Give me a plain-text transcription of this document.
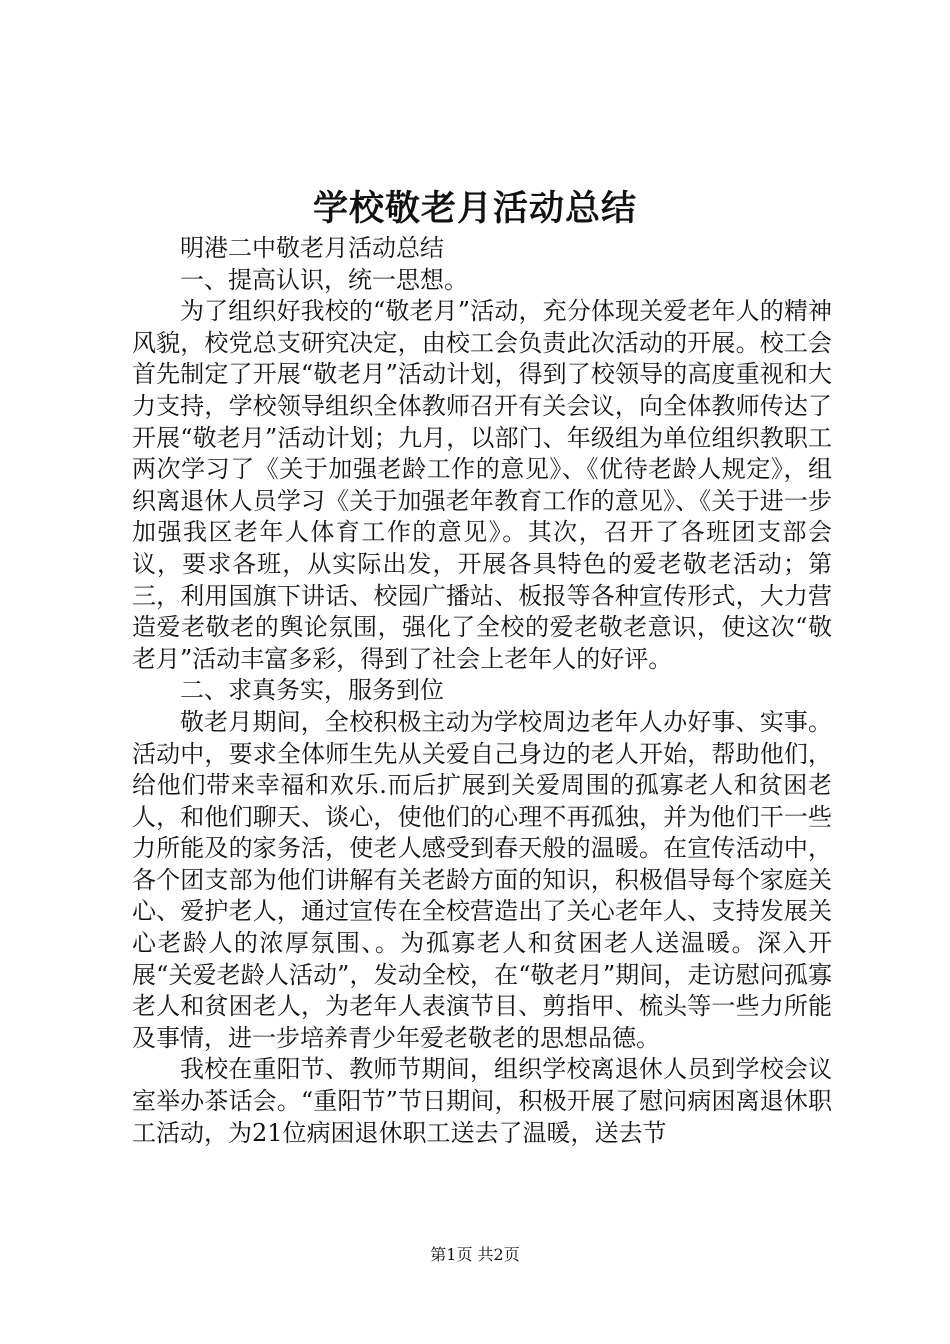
学校敬老月活动总结

明港二中敬老月活动总结

一、提高认识，统一思想。

为了组织好我校的“敬老月”活动，充分体现关爱老年人的精神风貌，校党总支研究决定，由校工会负责此次活动的开展。校工会首先制定了开展“敬老月”活动计划，得到了校领导的高度重视和大力支持，学校领导组织全体教师召开有关会议，向全体教师传达了开展“敬老月”活动计划；九月，以部门、年级组为单位组织教职工两次学习了《关于加强老龄工作的意见》、《优待老龄人规定》，组织离退休人员学习《关于加强老年教育工作的意见》、《关于进一步加强我区老年人体育工作的意见》。其次，召开了各班团支部会议，要求各班，从实际出发，开展各具特色的爱老敬老活动；第三，利用国旗下讲话、校园广播站、板报等各种宣传形式，大力营造爱老敬老的舆论氛围，强化了全校的爱老敬老意识，使这次“敬老月”活动丰富多彩，得到了社会上老年人的好评。

二、求真务实，服务到位

敬老月期间，全校积极主动为学校周边老年人办好事、实事。活动中，要求全体师生先从关爱自己身边的老人开始，帮助他们，给他们带来幸福和欢乐.而后扩展到关爱周围的孤寡老人和贫困老人，和他们聊天、谈心，使他们的心理不再孤独，并为他们干一些力所能及的家务活，使老人感受到春天般的温暖。在宣传活动中，各个团支部为他们讲解有关老龄方面的知识，积极倡导每个家庭关心、爱护老人，通过宣传在全校营造出了关心老年人、支持发展关心老龄人的浓厚氛围、。为孤寡老人和贫困老人送温暖。深入开展“关爱老龄人活动”，发动全校，在“敬老月”期间，走访慰问孤寡老人和贫困老人，为老年人表演节目、剪指甲、梳头等一些力所能及事情，进一步培养青少年爱老敬老的思想品德。

我校在重阳节、教师节期间，组织学校离退休人员到学校会议室举办茶话会。“重阳节”节日期间，积极开展了慰问病困离退休职工活动，为21位病困退休职工送去了温暖，送去节

第1页 共2页
